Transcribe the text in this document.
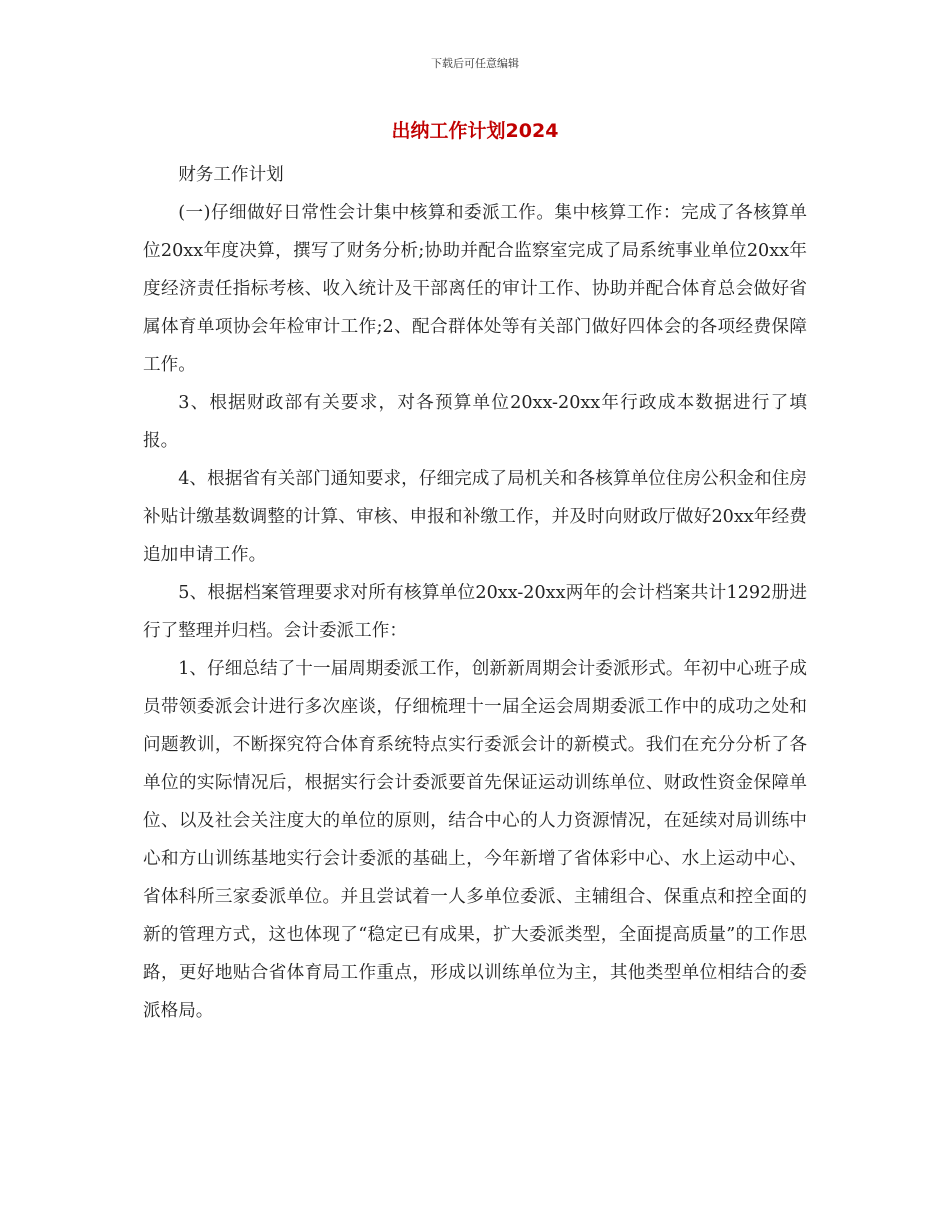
下载后可任意编辑
出纳工作计划2024

财务工作计划

(一)仔细做好日常性会计集中核算和委派工作。集中核算工作：完成了各核算单位20xx年度决算，撰写了财务分析;协助并配合监察室完成了局系统事业单位20xx年度经济责任指标考核、收入统计及干部离任的审计工作、协助并配合体育总会做好省属体育单项协会年检审计工作;2、配合群体处等有关部门做好四体会的各项经费保障工作。

3、根据财政部有关要求，对各预算单位20xx-20xx年行政成本数据进行了填报。

4、根据省有关部门通知要求，仔细完成了局机关和各核算单位住房公积金和住房补贴计缴基数调整的计算、审核、申报和补缴工作，并及时向财政厅做好20xx年经费追加申请工作。

5、根据档案管理要求对所有核算单位20xx-20xx两年的会计档案共计1292册进行了整理并归档。会计委派工作：

1、仔细总结了十一届周期委派工作，创新新周期会计委派形式。年初中心班子成员带领委派会计进行多次座谈，仔细梳理十一届全运会周期委派工作中的成功之处和问题教训，不断探究符合体育系统特点实行委派会计的新模式。我们在充分分析了各单位的实际情况后，根据实行会计委派要首先保证运动训练单位、财政性资金保障单位、以及社会关注度大的单位的原则，结合中心的人力资源情况，在延续对局训练中心和方山训练基地实行会计委派的基础上，今年新增了省体彩中心、水上运动中心、省体科所三家委派单位。并且尝试着一人多单位委派、主辅组合、保重点和控全面的新的管理方式，这也体现了“稳定已有成果，扩大委派类型，全面提高质量”的工作思路，更好地贴合省体育局工作重点，形成以训练单位为主，其他类型单位相结合的委派格局。
